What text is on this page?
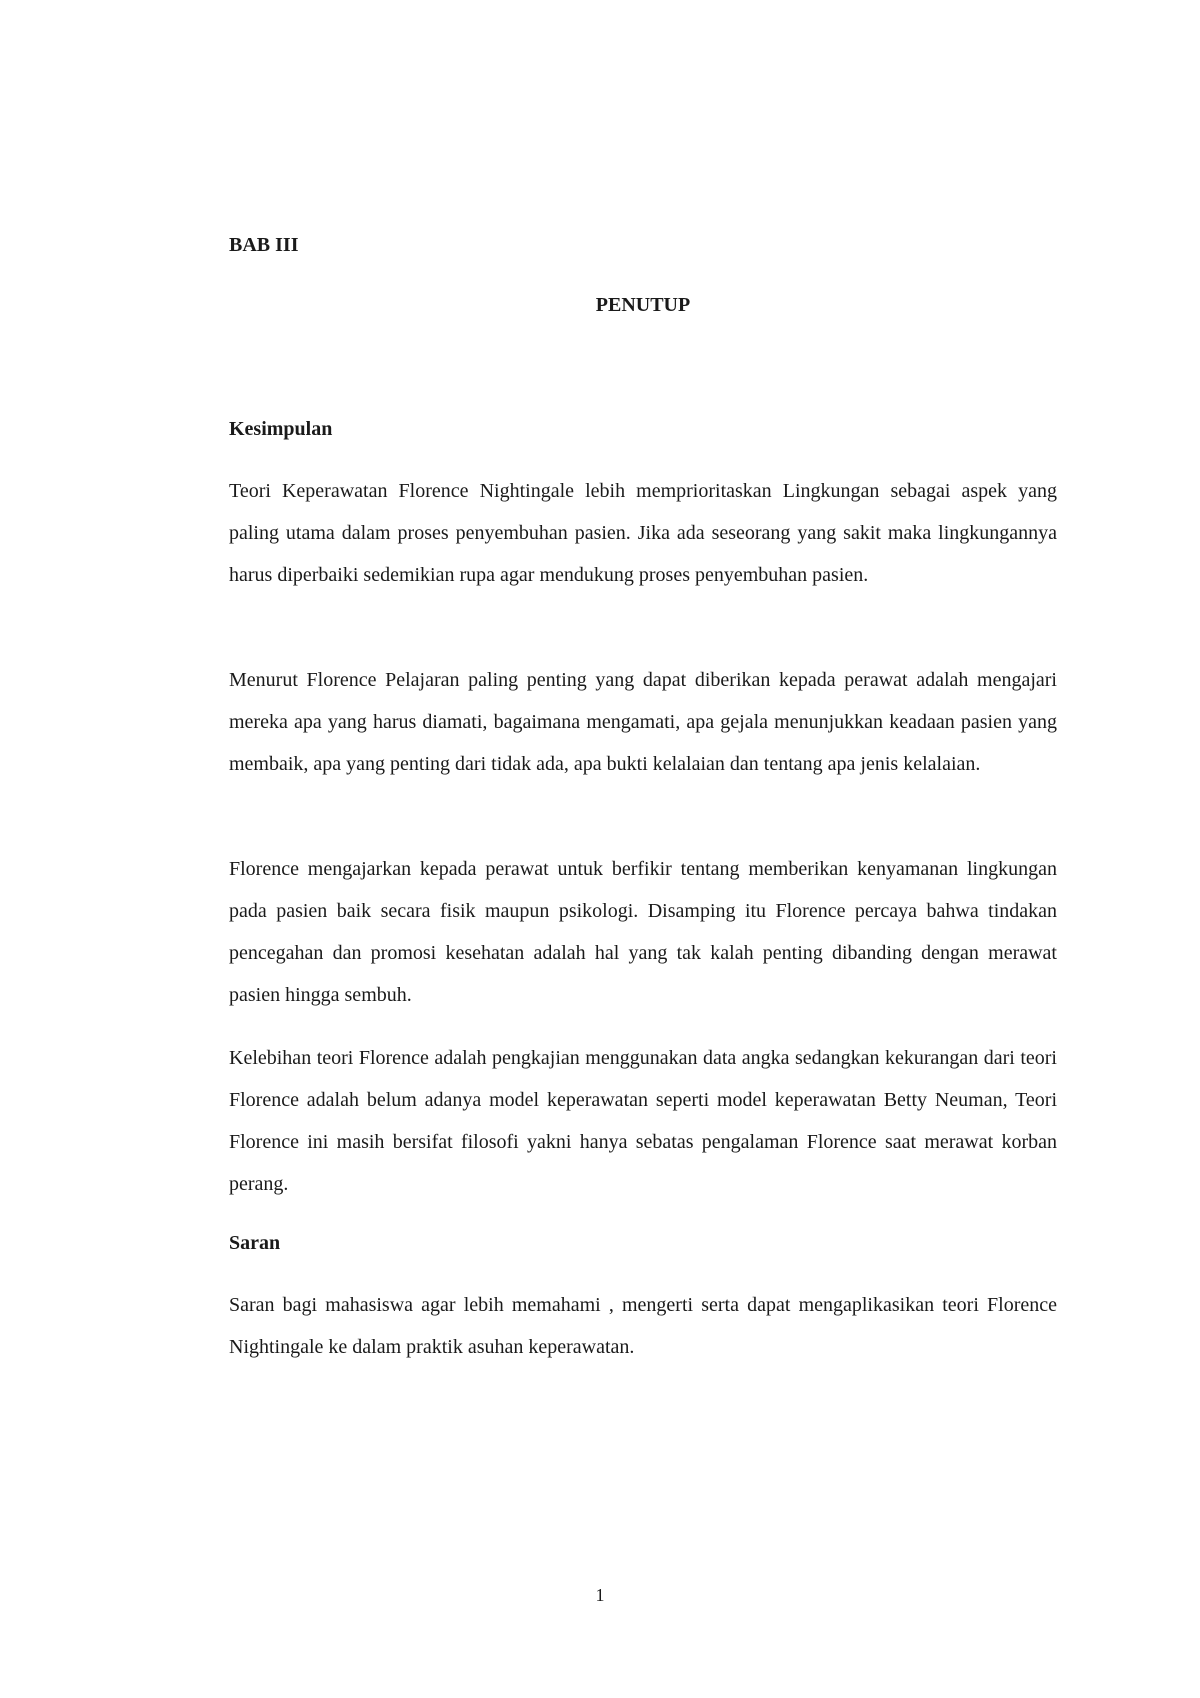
BAB III
PENUTUP
Kesimpulan

Teori Keperawatan Florence Nightingale lebih memprioritaskan Lingkungan sebagai aspek yang paling utama dalam proses penyembuhan pasien. Jika ada seseorang yang sakit maka lingkungannya harus diperbaiki sedemikian rupa agar mendukung proses penyembuhan pasien.

Menurut Florence Pelajaran paling penting yang dapat diberikan kepada perawat adalah mengajari mereka apa yang harus diamati, bagaimana mengamati, apa gejala menunjukkan keadaan pasien yang membaik, apa yang penting dari tidak ada, apa bukti kelalaian dan tentang apa jenis kelalaian.

Florence mengajarkan kepada perawat untuk berfikir tentang memberikan kenyamanan lingkungan pada pasien baik secara fisik maupun psikologi. Disamping itu Florence percaya bahwa tindakan pencegahan dan promosi kesehatan adalah hal yang tak kalah penting dibanding dengan merawat pasien hingga sembuh.

Kelebihan teori Florence adalah pengkajian menggunakan data angka sedangkan kekurangan dari teori Florence adalah belum adanya model keperawatan seperti model keperawatan Betty Neuman, Teori Florence ini masih bersifat filosofi yakni hanya sebatas pengalaman Florence saat merawat korban perang.

Saran

Saran bagi mahasiswa agar lebih memahami , mengerti serta dapat mengaplikasikan teori Florence Nightingale ke dalam praktik asuhan keperawatan.

1
